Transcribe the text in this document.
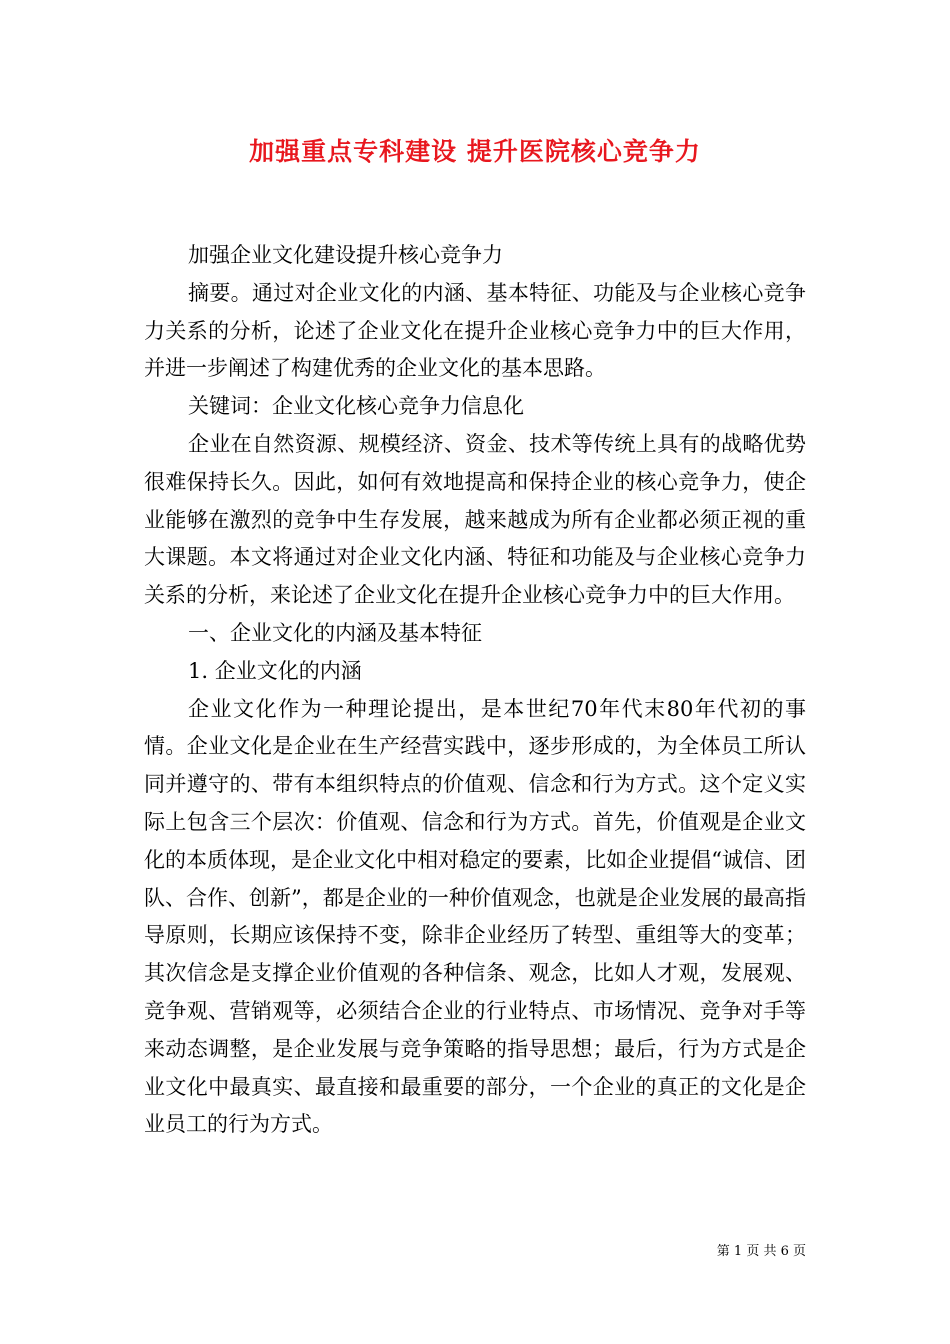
加强重点专科建设 提升医院核心竞争力

加强企业文化建设提升核心竞争力

摘要。通过对企业文化的内涵、基本特征、功能及与企业核心竞争力关系的分析，论述了企业文化在提升企业核心竞争力中的巨大作用，并进一步阐述了构建优秀的企业文化的基本思路。

关键词：企业文化核心竞争力信息化

企业在自然资源、规模经济、资金、技术等传统上具有的战略优势很难保持长久。因此，如何有效地提高和保持企业的核心竞争力，使企业能够在激烈的竞争中生存发展，越来越成为所有企业都必须正视的重大课题。本文将通过对企业文化内涵、特征和功能及与企业核心竞争力关系的分析，来论述了企业文化在提升企业核心竞争力中的巨大作用。

一、企业文化的内涵及基本特征

1. 企业文化的内涵

企业文化作为一种理论提出，是本世纪70年代末80年代初的事情。企业文化是企业在生产经营实践中，逐步形成的，为全体员工所认同并遵守的、带有本组织特点的价值观、信念和行为方式。这个定义实际上包含三个层次：价值观、信念和行为方式。首先，价值观是企业文化的本质体现，是企业文化中相对稳定的要素，比如企业提倡“诚信、团队、合作、创新”，都是企业的一种价值观念，也就是企业发展的最高指导原则，长期应该保持不变，除非企业经历了转型、重组等大的变革；其次信念是支撑企业价值观的各种信条、观念，比如人才观，发展观、竞争观、营销观等，必须结合企业的行业特点、市场情况、竞争对手等来动态调整，是企业发展与竞争策略的指导思想；最后，行为方式是企业文化中最真实、最直接和最重要的部分，一个企业的真正的文化是企业员工的行为方式。

第 1 页 共 6 页
